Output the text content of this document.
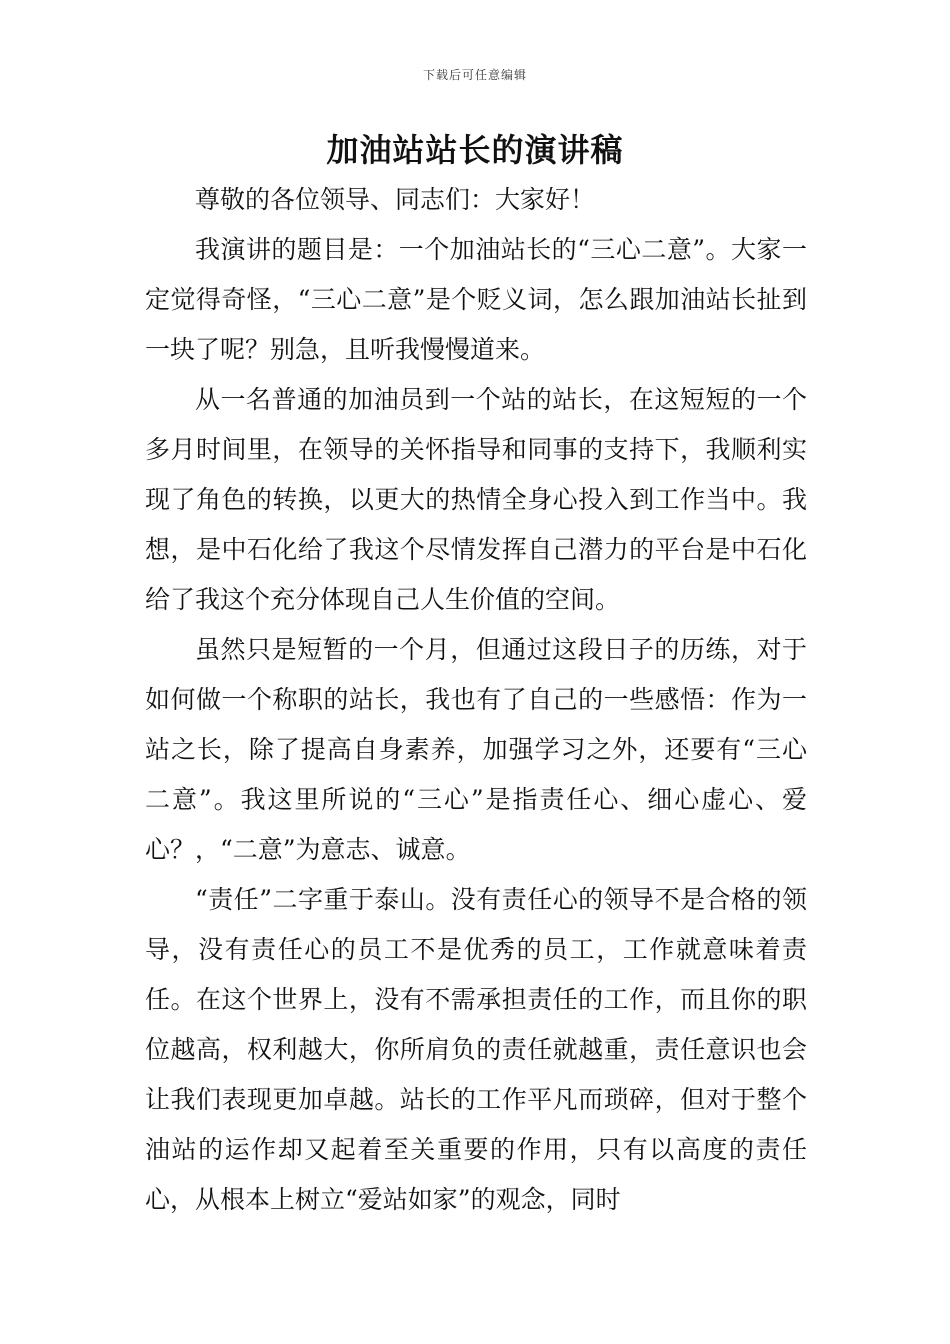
下载后可任意编辑
加油站站长的演讲稿

尊敬的各位领导、同志们：大家好！

我演讲的题目是：一个加油站长的“三心二意”。大家一定觉得奇怪，“三心二意”是个贬义词，怎么跟加油站长扯到一块了呢？别急，且听我慢慢道来。

从一名普通的加油员到一个站的站长，在这短短的一个多月时间里，在领导的关怀指导和同事的支持下，我顺利实现了角色的转换，以更大的热情全身心投入到工作当中。我想，是中石化给了我这个尽情发挥自己潜力的平台是中石化给了我这个充分体现自己人生价值的空间。

虽然只是短暂的一个月，但通过这段日子的历练，对于如何做一个称职的站长，我也有了自己的一些感悟：作为一站之长，除了提高自身素养，加强学习之外，还要有“三心二意”。我这里所说的“三心”是指责任心、细心虚心、爱心？，“二意”为意志、诚意。

“责任”二字重于泰山。没有责任心的领导不是合格的领导，没有责任心的员工不是优秀的员工，工作就意味着责任。在这个世界上，没有不需承担责任的工作，而且你的职位越高，权利越大，你所肩负的责任就越重，责任意识也会让我们表现更加卓越。站长的工作平凡而琐碎，但对于整个油站的运作却又起着至关重要的作用，只有以高度的责任心，从根本上树立“爱站如家”的观念，同时
